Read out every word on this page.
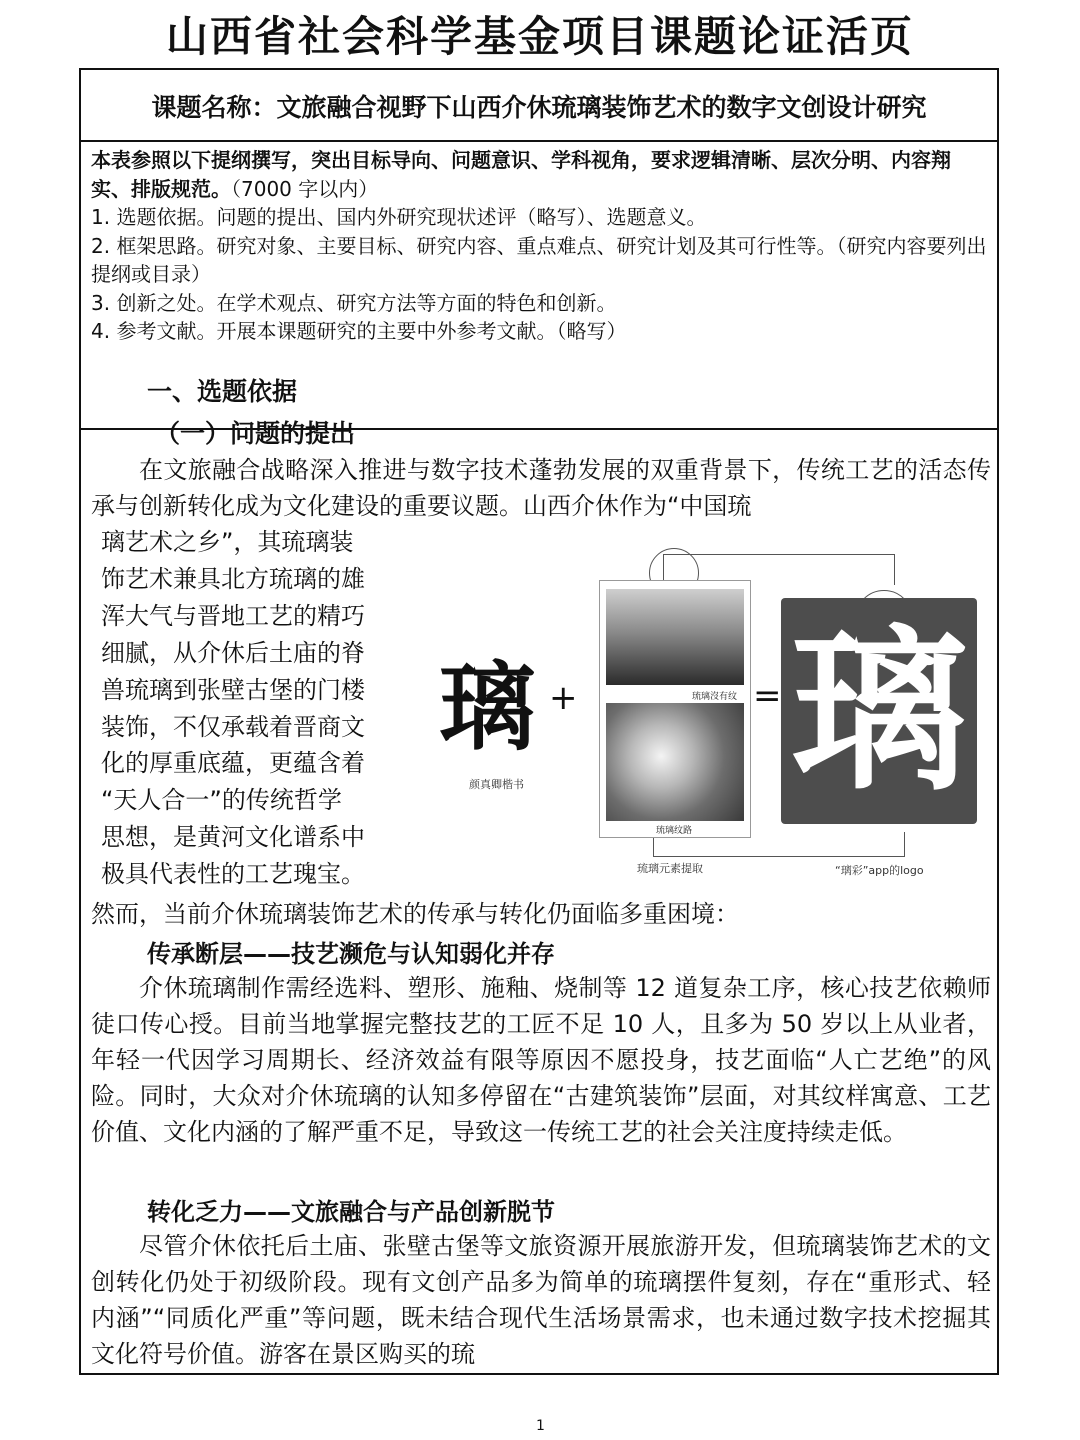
山西省社会科学基金项目课题论证活页
课题名称：文旅融合视野下山西介休琉璃装饰艺术的数字文创设计研究

本表参照以下提纲撰写，突出目标导向、问题意识、学科视角，要求逻辑清晰、层次分明、内容翔实、排版规范。（7000 字以内）

1. 选题依据。问题的提出、国内外研究现状述评（略写）、选题意义。

2. 框架思路。研究对象、主要目标、研究内容、重点难点、研究计划及其可行性等。（研究内容要列出提纲或目录）

3. 创新之处。在学术观点、研究方法等方面的特色和创新。

4. 参考文献。开展本课题研究的主要中外参考文献。（略写）

一、选题依据
（一）问题的提出

在文旅融合战略深入推进与数字技术蓬勃发展的双重背景下，传统工艺的活态传承与创新转化成为文化建设的重要议题。山西介休作为“中国琉

璃艺术之乡”，其琉璃装

饰艺术兼具北方琉璃的雄

浑大气与晋地工艺的精巧

细腻，从介休后土庙的脊

兽琉璃到张壁古堡的门楼

装饰，不仅承载着晋商文

化的厚重底蕴，更蕴含着

“天人合一”的传统哲学

思想，是黄河文化谱系中

极具代表性的工艺瑰宝。

璃
颜真卿楷书
+	琉璃沒有纹
琉璃纹路
琉璃元素提取
= 璃
“璃彩”app的logo

然而，当前介休琉璃装饰艺术的传承与转化仍面临多重困境：

传承断层——技艺濒危与认知弱化并存

介休琉璃制作需经选料、塑形、施釉、烧制等 12 道复杂工序，核心技艺依赖师徒口传心授。目前当地掌握完整技艺的工匠不足 10 人，且多为 50 岁以上从业者，年轻一代因学习周期长、经济效益有限等原因不愿投身，技艺面临“人亡艺绝”的风险。同时，大众对介休琉璃的认知多停留在“古建筑装饰”层面，对其纹样寓意、工艺价值、文化内涵的了解严重不足，导致这一传统工艺的社会关注度持续走低。

转化乏力——文旅融合与产品创新脱节

尽管介休依托后土庙、张壁古堡等文旅资源开展旅游开发，但琉璃装饰艺术的文创转化仍处于初级阶段。现有文创产品多为简单的琉璃摆件复刻，存在“重形式、轻内涵”“同质化严重”等问题，既未结合现代生活场景需求，也未通过数字技术挖掘其文化符号价值。游客在景区购买的琉

1
